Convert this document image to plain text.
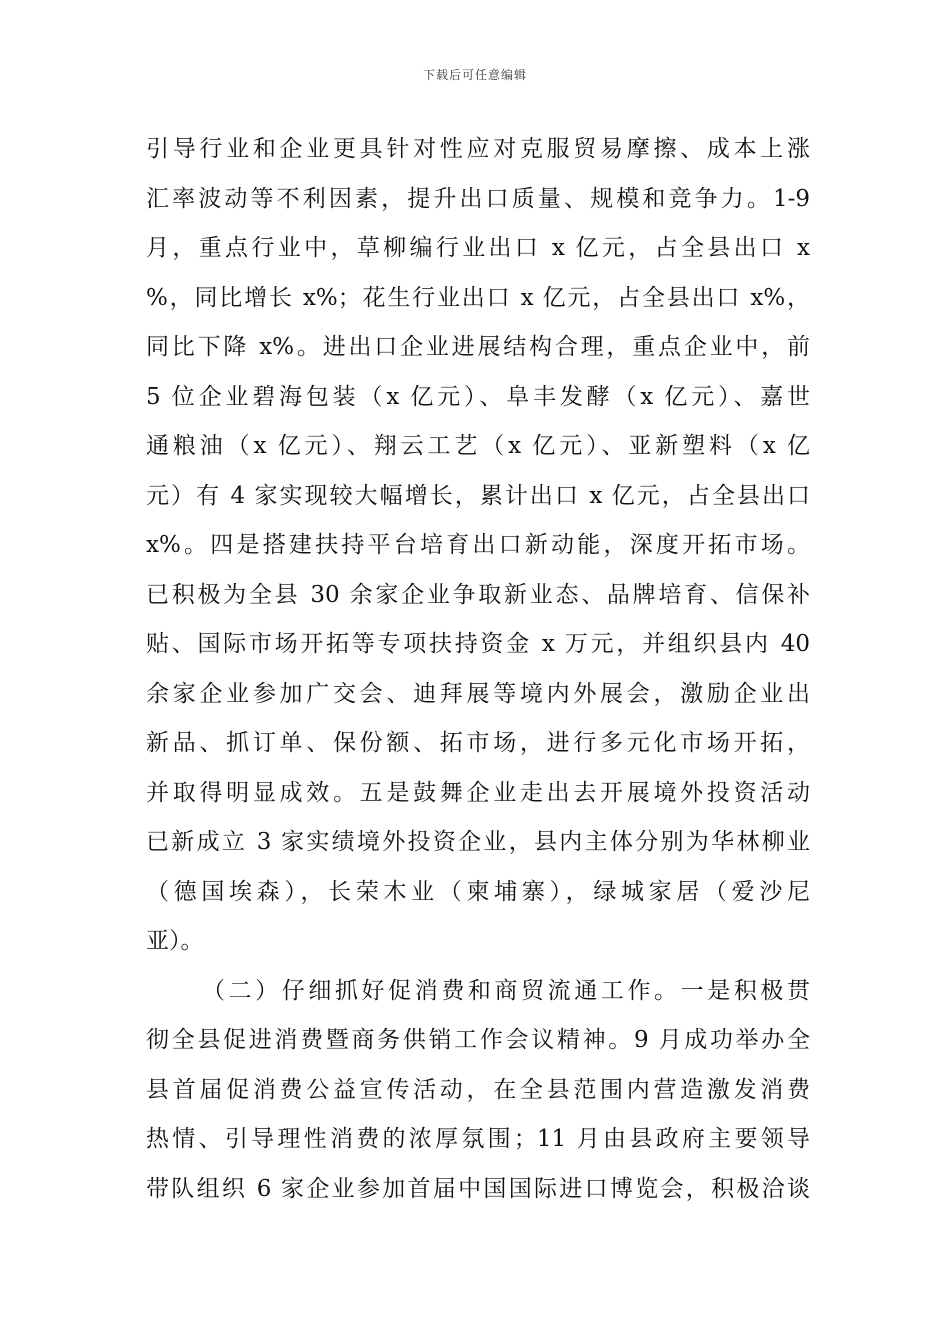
下载后可任意编辑
引导行业和企业更具针对性应对克服贸易摩擦、成本上涨
汇率波动等不利因素，提升出口质量、规模和竞争力。1-9
月，重点行业中，草柳编行业出口 x 亿元，占全县出口 x
%，同比增长 x%；花生行业出口 x 亿元，占全县出口 x%，
同比下降 x%。进出口企业进展结构合理，重点企业中，前
5 位企业碧海包装（x 亿元）、阜丰发酵（x 亿元）、嘉世
通粮油（x 亿元）、翔云工艺（x 亿元）、亚新塑料（x 亿
元）有 4 家实现较大幅增长，累计出口 x 亿元，占全县出口
x%。四是搭建扶持平台培育出口新动能，深度开拓市场。
已积极为全县 30 余家企业争取新业态、品牌培育、信保补
贴、国际市场开拓等专项扶持资金 x 万元，并组织县内 40
余家企业参加广交会、迪拜展等境内外展会，激励企业出
新品、抓订单、保份额、拓市场，进行多元化市场开拓，
并取得明显成效。五是鼓舞企业走出去开展境外投资活动
已新成立 3 家实绩境外投资企业，县内主体分别为华林柳业
（德国埃森），长荣木业（柬埔寨），绿城家居（爱沙尼
亚）。
（二）仔细抓好促消费和商贸流通工作。一是积极贯
彻全县促进消费暨商务供销工作会议精神。9 月成功举办全
县首届促消费公益宣传活动，在全县范围内营造激发消费
热情、引导理性消费的浓厚氛围；11 月由县政府主要领导
带队组织 6 家企业参加首届中国国际进口博览会，积极洽谈
